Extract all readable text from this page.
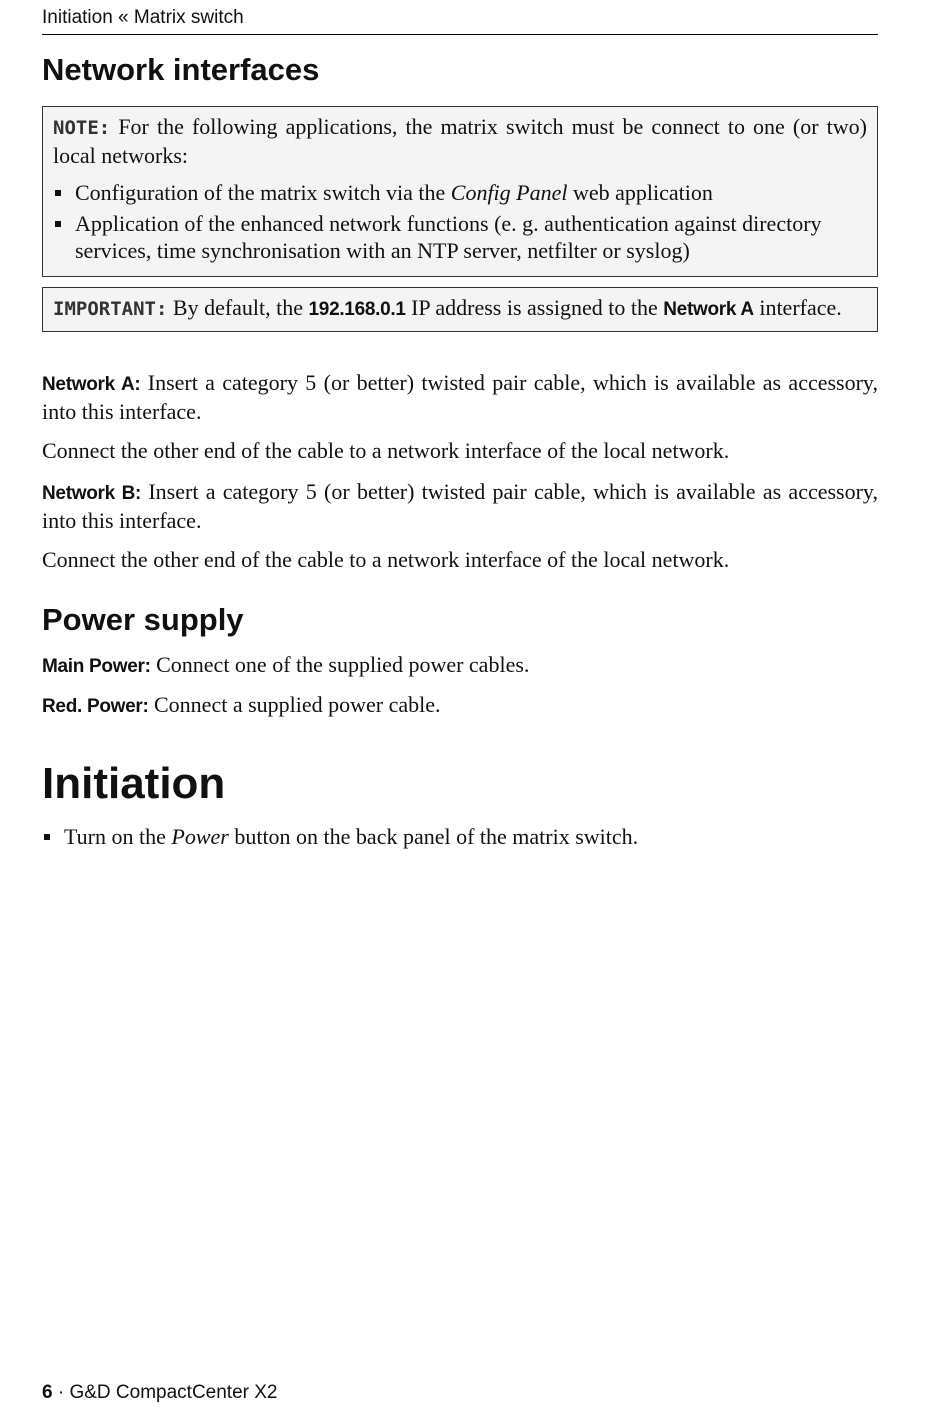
Initiation « Matrix switch
Network interfaces
NOTE: For the following applications, the matrix switch must be connect to one (or two) local networks:
Configuration of the matrix switch via the Config Panel web application
Application of the enhanced network functions (e. g. authentication against directory services, time synchronisation with an NTP server, netfilter or syslog)
IMPORTANT: By default, the 192.168.0.1 IP address is assigned to the Network A interface.

Network A: Insert a category 5 (or better) twisted pair cable, which is available as accessory, into this interface.

Connect the other end of the cable to a network interface of the local network.

Network B: Insert a category 5 (or better) twisted pair cable, which is available as accessory, into this interface.

Connect the other end of the cable to a network interface of the local network.

Power supply

Main Power: Connect one of the supplied power cables.

Red. Power: Connect a supplied power cable.

Initiation

Turn on the Power button on the back panel of the matrix switch.

6 · G&D CompactCenter X2
